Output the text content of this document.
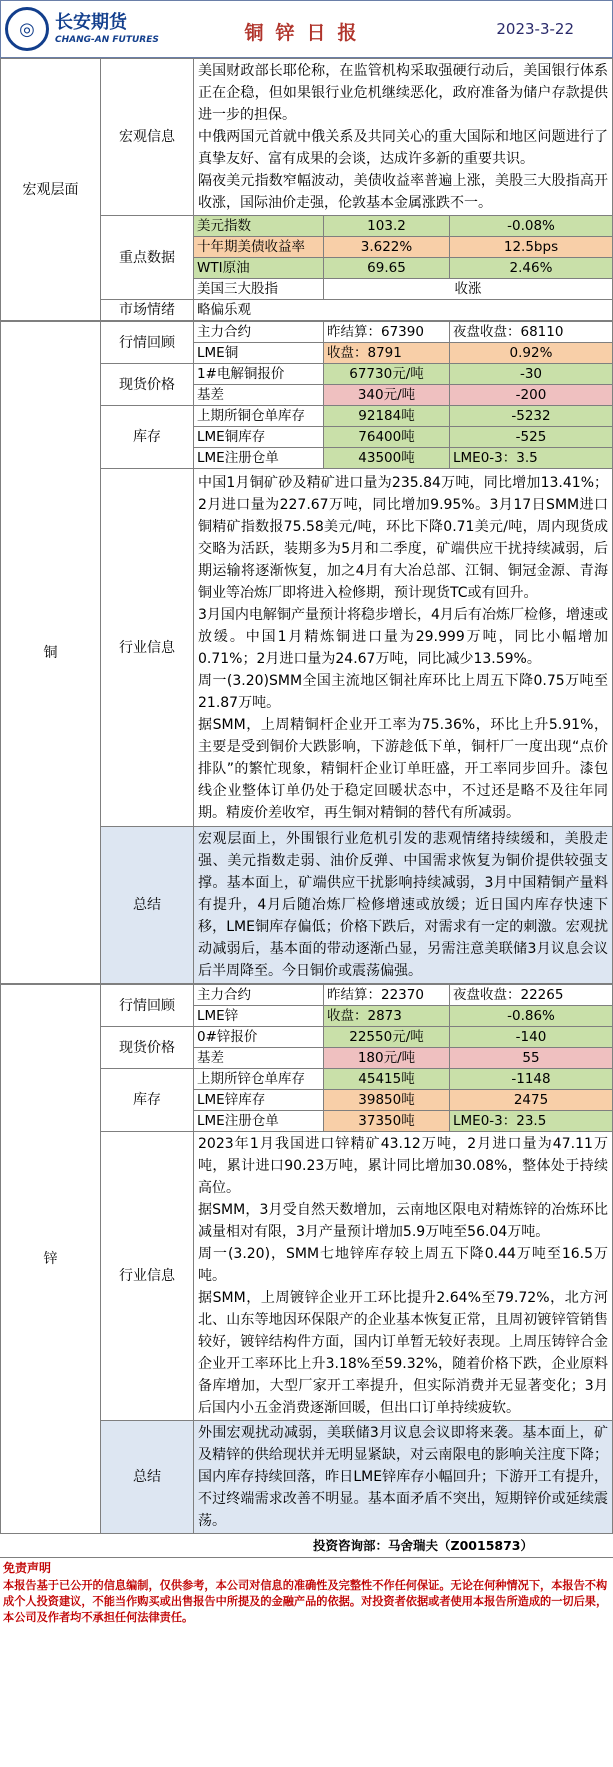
◎	长安期货
CHANG-AN FUTURES	铜锌日报	2023-3-22
宏观层面	宏观信息	美国财政部长耶伦称，在监管机构采取强硬行动后，美国银行体系正在企稳，但如果银行业危机继续恶化，政府准备为储户存款提供进一步的担保。
中俄两国元首就中俄关系及共同关心的重大国际和地区问题进行了真挚友好、富有成果的会谈，达成许多新的重要共识。
隔夜美元指数窄幅波动，美债收益率普遍上涨，美股三大股指高开收涨，国际油价走强，伦敦基本金属涨跌不一。		

	重点数据	美元指数	103.2	-0.08%
		十年期美债收益率	3.622%	12.5bps
		WTI原油	69.65	2.46%
		美国三大股指	收涨	
	市场情绪	略偏乐观		
铜	行情回顾	主力合约	昨结算：67390	夜盘收盘：68110
		LME铜	收盘：8791	0.92%
	现货价格	1#电解铜报价	67730元/吨	-30
		基差	340元/吨	-200
	库存	上期所铜仓单库存	92184吨	-5232
		LME铜库存	76400吨	-525
		LME注册仓单	43500吨	LME0-3：3.5
	行业信息	中国1月铜矿砂及精矿进口量为235.84万吨，同比增加13.41%；2月进口量为227.67万吨，同比增加9.95%。3月17日SMM进口铜精矿指数报75.58美元/吨，环比下降0.71美元/吨，周内现货成交略为活跃，装期多为5月和二季度，矿端供应干扰持续减弱，后期运输将逐渐恢复，加之4月有大冶总部、江铜、铜冠金源、青海铜业等冶炼厂即将进入检修期，预计现货TC或有回升。
3月国内电解铜产量预计将稳步增长，4月后有冶炼厂检修，增速或放缓。中国1月精炼铜进口量为29.999万吨，同比小幅增加0.71%；2月进口量为24.67万吨，同比减少13.59%。
周一(3.20)SMM全国主流地区铜社库环比上周五下降0.75万吨至21.87万吨。
据SMM，上周精铜杆企业开工率为75.36%，环比上升5.91%，主要是受到铜价大跌影响，下游趁低下单，铜杆厂一度出现“点价排队”的繁忙现象，精铜杆企业订单旺盛，开工率同步回升。漆包线企业整体订单仍处于稳定回暖状态中，不过还是略不及往年同期。精废价差收窄，再生铜对精铜的替代有所减弱。		

	总结	宏观层面上，外围银行业危机引发的悲观情绪持续缓和，美股走强、美元指数走弱、油价反弹、中国需求恢复为铜价提供较强支撑。基本面上，矿端供应干扰影响持续减弱，3月中国精铜产量料有提升，4月后随冶炼厂检修增速或放缓；近日国内库存快速下移，LME铜库存偏低；价格下跌后，对需求有一定的刺激。宏观扰动减弱后，基本面的带动逐渐凸显，另需注意美联储3月议息会议后半周降至。今日铜价或震荡偏强。		
锌	行情回顾	主力合约	昨结算：22370	夜盘收盘：22265
		LME锌	收盘：2873	-0.86%
	现货价格	0#锌报价	22550元/吨	-140
		基差	180元/吨	55
	库存	上期所锌仓单库存	45415吨	-1148
		LME锌库存	39850吨	2475
		LME注册仓单	37350吨	LME0-3：23.5
	行业信息	2023年1月我国进口锌精矿43.12万吨，2月进口量为47.11万吨，累计进口90.23万吨，累计同比增加30.08%，整体处于持续高位。
据SMM，3月受自然天数增加，云南地区限电对精炼锌的冶炼环比减量相对有限，3月产量预计增加5.9万吨至56.04万吨。
周一(3.20)，SMM七地锌库存较上周五下降0.44万吨至16.5万吨。
据SMM，上周镀锌企业开工环比提升2.64%至79.72%，北方河北、山东等地因环保限产的企业基本恢复正常，且周初镀锌管销售较好，镀锌结构件方面，国内订单暂无较好表现。上周压铸锌合金企业开工率环比上升3.18%至59.32%，随着价格下跌，企业原料备库增加，大型厂家开工率提升，但实际消费并无显著变化；3月后国内小五金消费逐渐回暖，但出口订单持续疲软。		

	总结	外围宏观扰动减弱，美联储3月议息会议即将来袭。基本面上，矿及精锌的供给现状并无明显紧缺，对云南限电的影响关注度下降；国内库存持续回落，昨日LME锌库存小幅回升；下游开工有提升，不过终端需求改善不明显。基本面矛盾不突出，短期锌价或延续震荡。		
投资咨询部：马舍瑞夫（Z0015873）
免责声明
本报告基于已公开的信息编制，仅供参考，本公司对信息的准确性及完整性不作任何保证。无论在何种情况下，本报告不构成个人投资建议，不能当作购买或出售报告中所提及的金融产品的依据。对投资者依据或者使用本报告所造成的一切后果，本公司及作者均不承担任何法律责任。
